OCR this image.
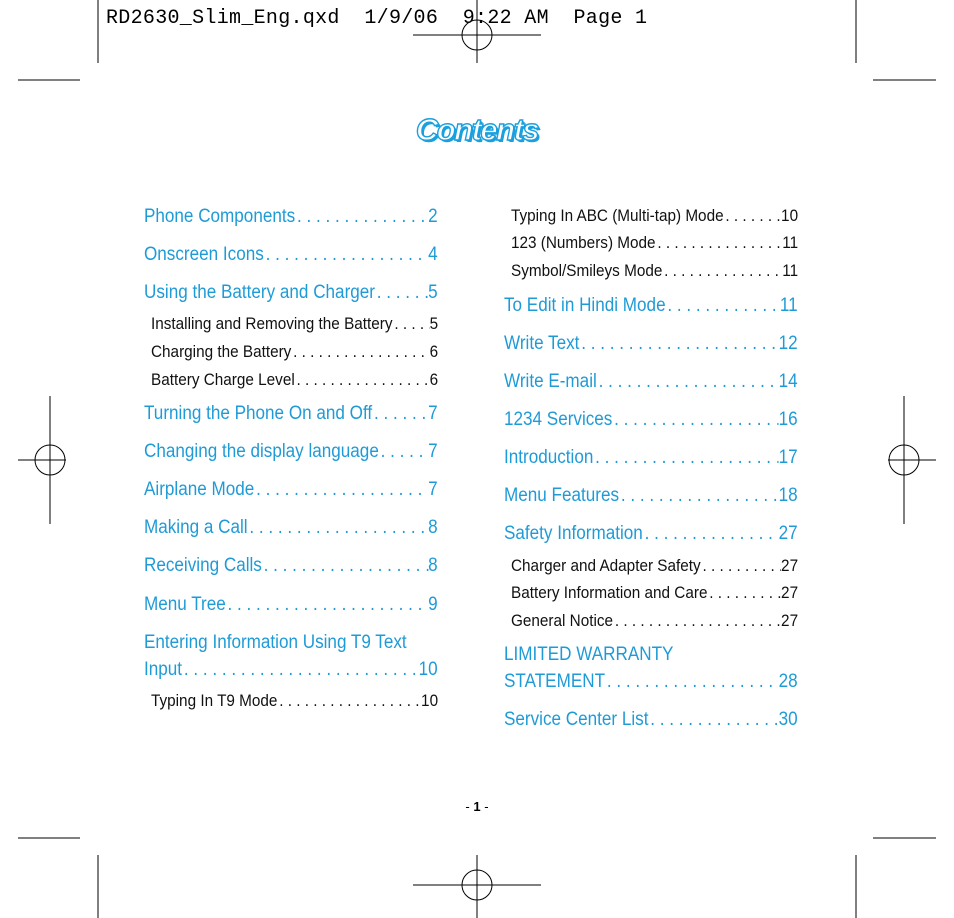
RD2630_Slim_Eng.qxd  1/9/06  9:22 AM  Page 1
Contents
Phone Components . . .	2
Onscreen Icons . . .	4
Using the Battery and Charger . . .	5
Installing and Removing the Battery . . . 5
Charging the Battery . . .	6
Battery Charge Level . . .	6
Turning the Phone On and Off . . .	7
Changing the display language . . .	7
Airplane Mode . . .	7
Making a Call . . .	8
Receiving Calls . . .	8
Menu Tree . . .	9
Entering Information Using T9 Text
Input . . .	10
Typing In T9 Mode . . .	10
Typing In ABC (Multi-tap) Mode . . .	10
123 (Numbers) Mode . . .	11
Symbol/Smileys Mode . . .	11
To Edit in Hindi Mode . . .	11
Write Text . . .	12
Write E-mail . . .	14
1234 Services . . .	16
Introduction . . .	17
Menu Features . . .	18
Safety Information . . .	27
Charger and Adapter Safety . . .	27
Battery Information and Care . . .	27
General Notice . . .	27
LIMITED WARRANTY
STATEMENT . . .	28
Service Center List . . .	30
- 1 -
